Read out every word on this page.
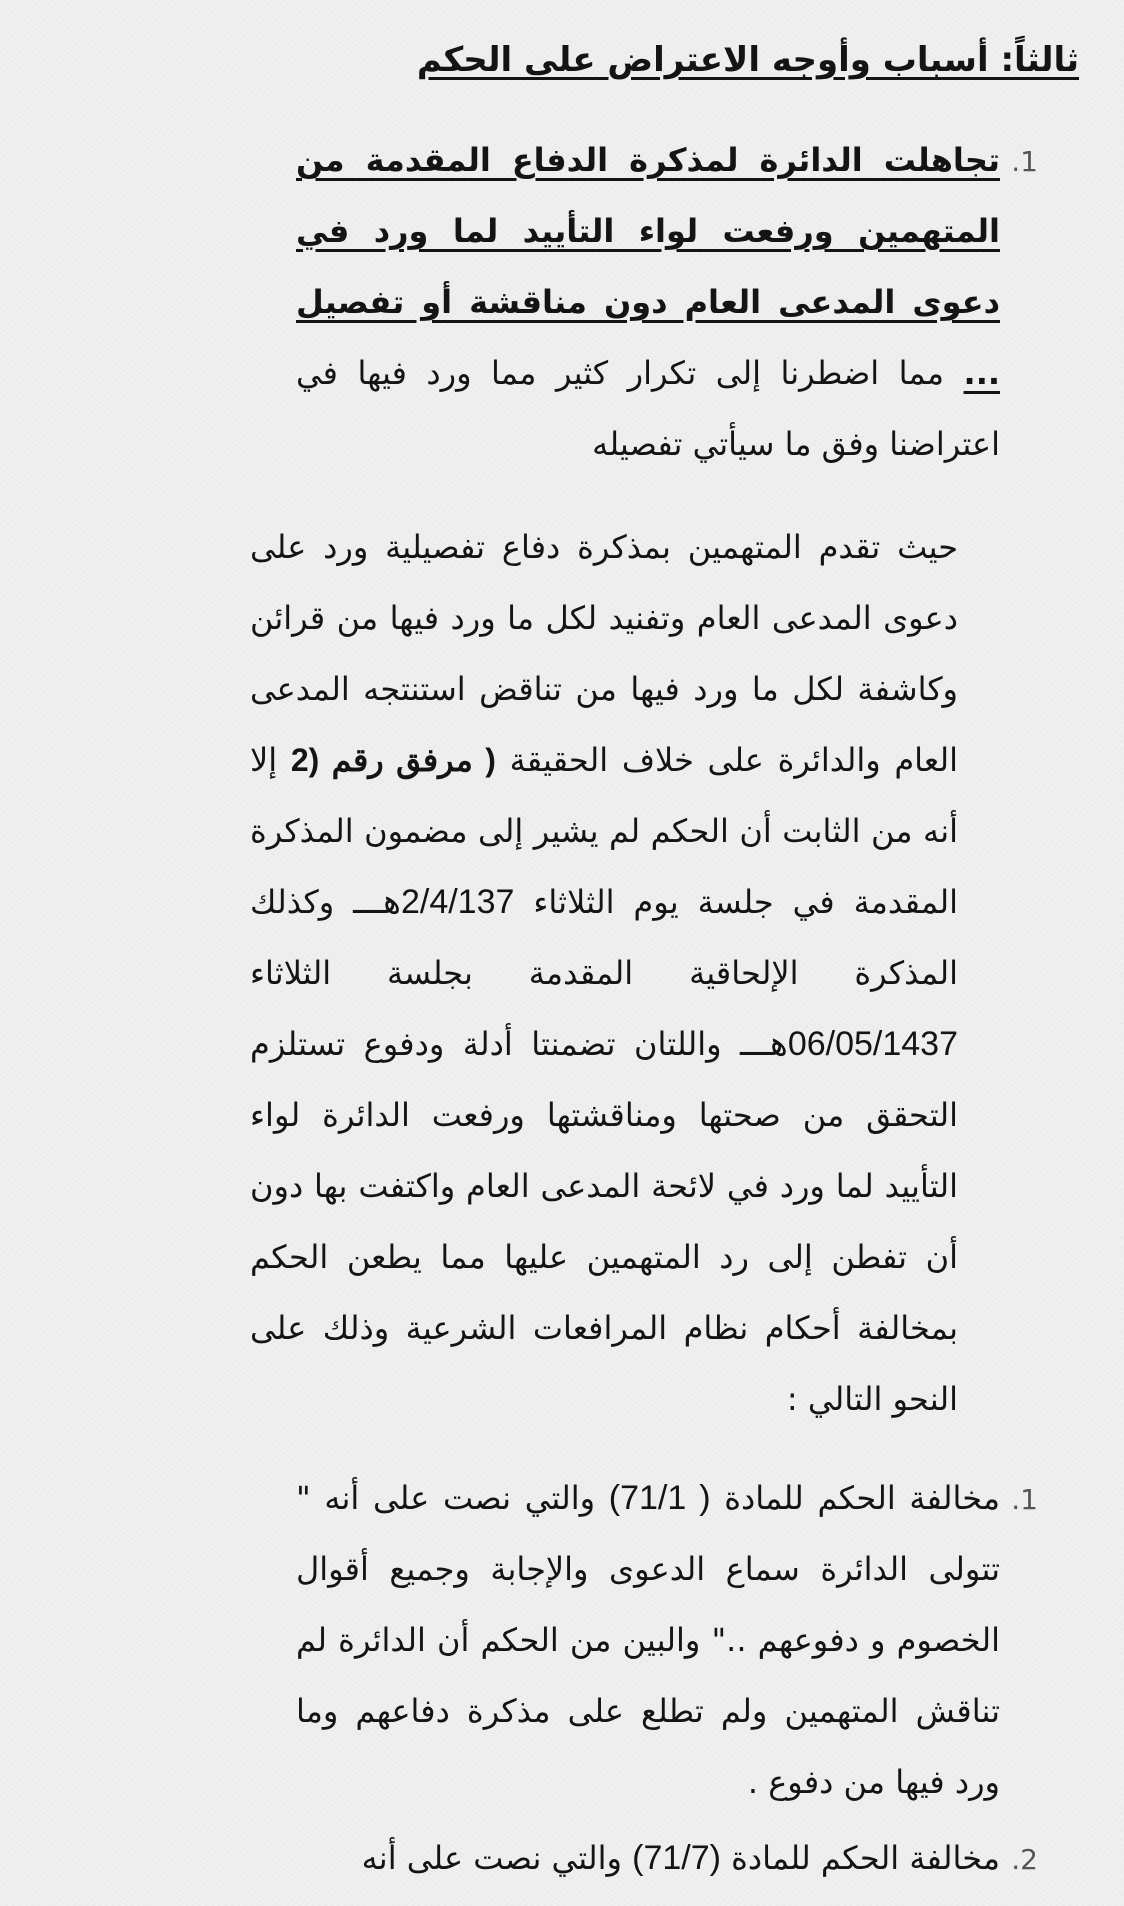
ثالثاً: أسباب وأوجه الاعتراض على الحكم
.1
تجاهلت الدائرة لمذكرة الدفاع المقدمة من المتهمين ورفعت لواء التأييد لما ورد في دعوى المدعى العام دون مناقشة أو تفصيل ... مما اضطرنا إلى تكرار كثير مما ورد فيها في اعتراضنا وفق ما سيأتي تفصيله
حيث تقدم المتهمين بمذكرة دفاع تفصيلية ورد على دعوى المدعى العام وتفنيد لكل ما ورد فيها من قرائن وكاشفة لكل ما ورد فيها من تناقض استنتجه المدعى العام والدائرة على خلاف الحقيقة ( مرفق رقم (2 إلا أنه من الثابت أن الحكم لم يشير إلى مضمون المذكرة المقدمة في جلسة يوم الثلاثاء 2/4/137هـــ وكذلك المذكرة الإلحاقية المقدمة بجلسة الثلاثاء 06/05/1437هـــ واللتان تضمنتا أدلة ودفوع تستلزم التحقق من صحتها ومناقشتها ورفعت الدائرة لواء التأييد لما ورد في لائحة المدعى العام واكتفت بها دون أن تفطن إلى رد المتهمين عليها مما يطعن الحكم بمخالفة أحكام نظام المرافعات الشرعية وذلك على النحو التالي :
.1
مخالفة الحكم للمادة ( 71/1) والتي نصت على أنه " تتولى الدائرة سماع الدعوى والإجابة وجميع أقوال الخصوم و دفوعهم .." والبين من الحكم أن الدائرة لم تناقش المتهمين ولم تطلع على مذكرة دفاعهم وما ورد فيها من دفوع .
.2
مخالفة الحكم للمادة (71/7) والتي نصت على أنه
